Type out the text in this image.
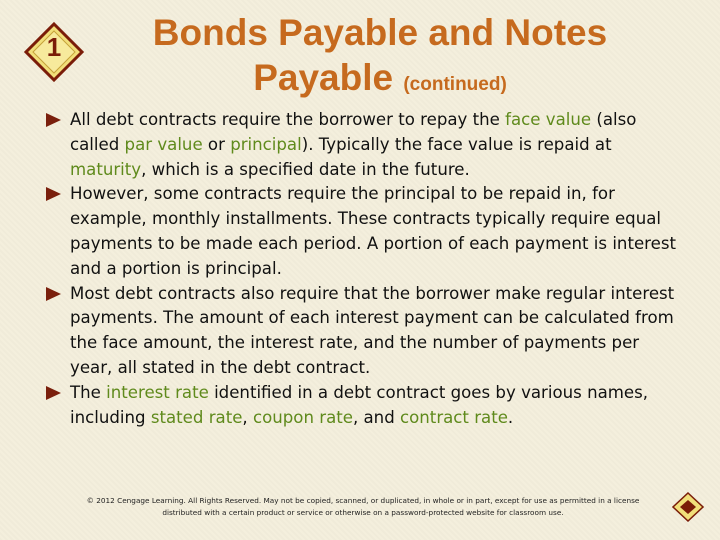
1	Bonds Payable and Notes
Payable (continued)
All debt contracts require the borrower to repay the face value (also called par value or principal). Typically the face value is repaid at maturity, which is a specified date in the future.
However, some contracts require the principal to be repaid in, for example, monthly installments. These contracts typically require equal payments to be made each period. A portion of each payment is interest and a portion is principal.
Most debt contracts also require that the borrower make regular interest payments. The amount of each interest payment can be calculated from the face amount, the interest rate, and the number of payments per year, all stated in the debt contract.
The interest rate identified in a debt contract goes by various names, including stated rate, coupon rate, and contract rate.
© 2012 Cengage Learning. All Rights Reserved. May not be copied, scanned, or duplicated, in whole or in part, except for use as permitted in a license
distributed with a certain product or service or otherwise on a password-protected website for classroom use.
